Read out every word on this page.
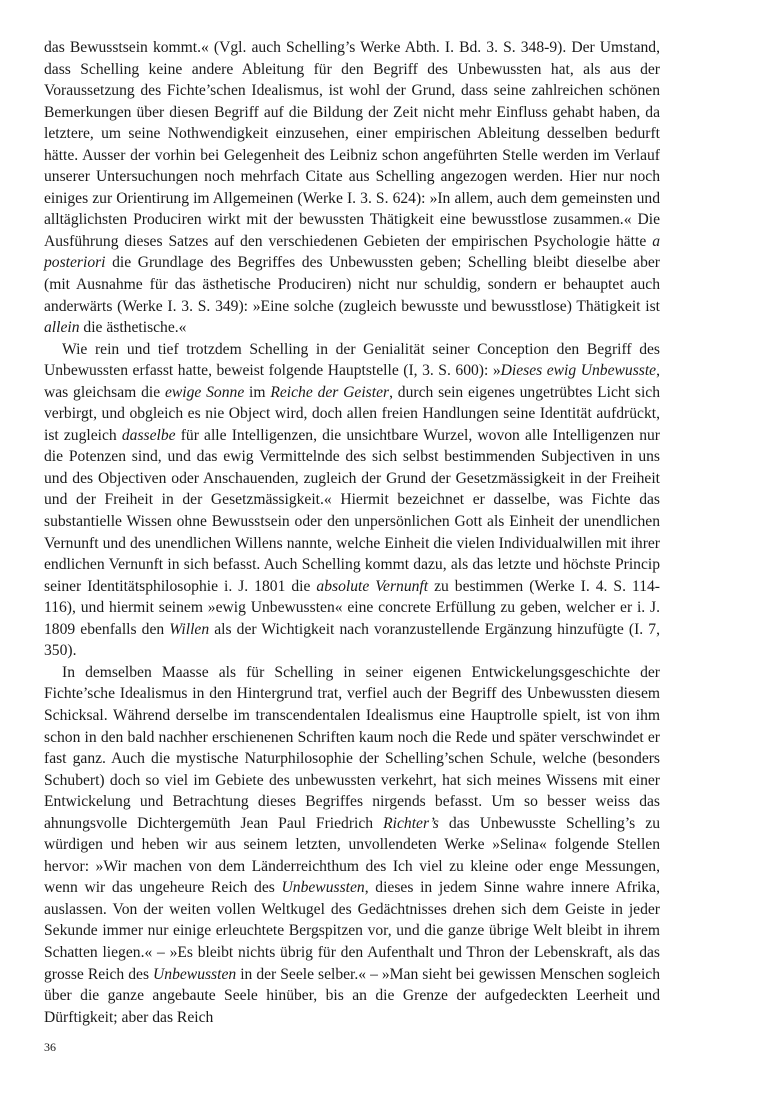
das Bewusstsein kommt.« (Vgl. auch Schelling’s Werke Abth. I. Bd. 3. S. 348-9). Der Umstand, dass Schelling keine andere Ableitung für den Begriff des Unbewussten hat, als aus der Voraussetzung des Fichte’schen Idealismus, ist wohl der Grund, dass seine zahlreichen schönen Bemerkungen über diesen Begriff auf die Bildung der Zeit nicht mehr Einfluss gehabt haben, da letztere, um seine Nothwendigkeit einzusehen, einer empirischen Ableitung desselben bedurft hätte. Ausser der vorhin bei Gelegenheit des Leibniz schon angeführten Stelle werden im Verlauf unserer Untersuchungen noch mehrfach Citate aus Schelling angezogen werden. Hier nur noch einiges zur Orientirung im Allgemeinen (Werke I. 3. S. 624): »In allem, auch dem gemeinsten und alltäglichsten Produciren wirkt mit der bewussten Thätigkeit eine bewusstlose zusammen.« Die Ausführung dieses Satzes auf den verschiedenen Gebieten der empirischen Psychologie hätte a posteriori die Grundlage des Begriffes des Unbewussten geben; Schelling bleibt dieselbe aber (mit Ausnahme für das ästhetische Produciren) nicht nur schuldig, sondern er behauptet auch anderwärts (Werke I. 3. S. 349): »Eine solche (zugleich bewusste und bewusstlose) Thätigkeit ist allein die ästhetische.«

Wie rein und tief trotzdem Schelling in der Genialität seiner Conception den Begriff des Unbewussten erfasst hatte, beweist folgende Hauptstelle (I, 3. S. 600): »Dieses ewig Unbewusste, was gleichsam die ewige Sonne im Reiche der Geister, durch sein eigenes ungetrübtes Licht sich verbirgt, und obgleich es nie Object wird, doch allen freien Handlungen seine Identität aufdrückt, ist zugleich dasselbe für alle Intelligenzen, die unsichtbare Wurzel, wovon alle Intelligenzen nur die Potenzen sind, und das ewig Vermittelnde des sich selbst bestimmenden Subjectiven in uns und des Objectiven oder Anschauenden, zugleich der Grund der Gesetzmässigkeit in der Freiheit und der Freiheit in der Gesetzmässigkeit.« Hiermit bezeichnet er dasselbe, was Fichte das substantielle Wissen ohne Bewusstsein oder den unpersönlichen Gott als Einheit der unendlichen Vernunft und des unendlichen Willens nannte, welche Einheit die vielen Individualwillen mit ihrer endlichen Vernunft in sich befasst. Auch Schelling kommt dazu, als das letzte und höchste Princip seiner Identitätsphilosophie i. J. 1801 die absolute Vernunft zu bestimmen (Werke I. 4. S. 114-116), und hiermit seinem »ewig Unbewussten« eine concrete Erfüllung zu geben, welcher er i. J. 1809 ebenfalls den Willen als der Wichtigkeit nach voranzustellende Ergänzung hinzufügte (I. 7, 350).

In demselben Maasse als für Schelling in seiner eigenen Entwickelungsgeschichte der Fichte’sche Idealismus in den Hintergrund trat, verfiel auch der Begriff des Unbewussten diesem Schicksal. Während derselbe im transcendentalen Idealismus eine Hauptrolle spielt, ist von ihm schon in den bald nachher erschienenen Schriften kaum noch die Rede und später verschwindet er fast ganz. Auch die mystische Naturphilosophie der Schelling’schen Schule, welche (besonders Schubert) doch so viel im Gebiete des unbewussten verkehrt, hat sich meines Wissens mit einer Entwickelung und Betrachtung dieses Begriffes nirgends befasst. Um so besser weiss das ahnungsvolle Dichtergemüth Jean Paul Friedrich Richter’s das Unbewusste Schelling’s zu würdigen und heben wir aus seinem letzten, unvollendeten Werke »Selina« folgende Stellen hervor: »Wir machen von dem Länderreichthum des Ich viel zu kleine oder enge Messungen, wenn wir das ungeheure Reich des Unbewussten, dieses in jedem Sinne wahre innere Afrika, auslassen. Von der weiten vollen Weltkugel des Gedächtnisses drehen sich dem Geiste in jeder Sekunde immer nur einige erleuchtete Bergspitzen vor, und die ganze übrige Welt bleibt in ihrem Schatten liegen.« – »Es bleibt nichts übrig für den Aufenthalt und Thron der Lebenskraft, als das grosse Reich des Unbewussten in der Seele selber.« – »Man sieht bei gewissen Menschen sogleich über die ganze angebaute Seele hinüber, bis an die Grenze der aufgedeckten Leerheit und Dürftigkeit; aber das Reich

36
